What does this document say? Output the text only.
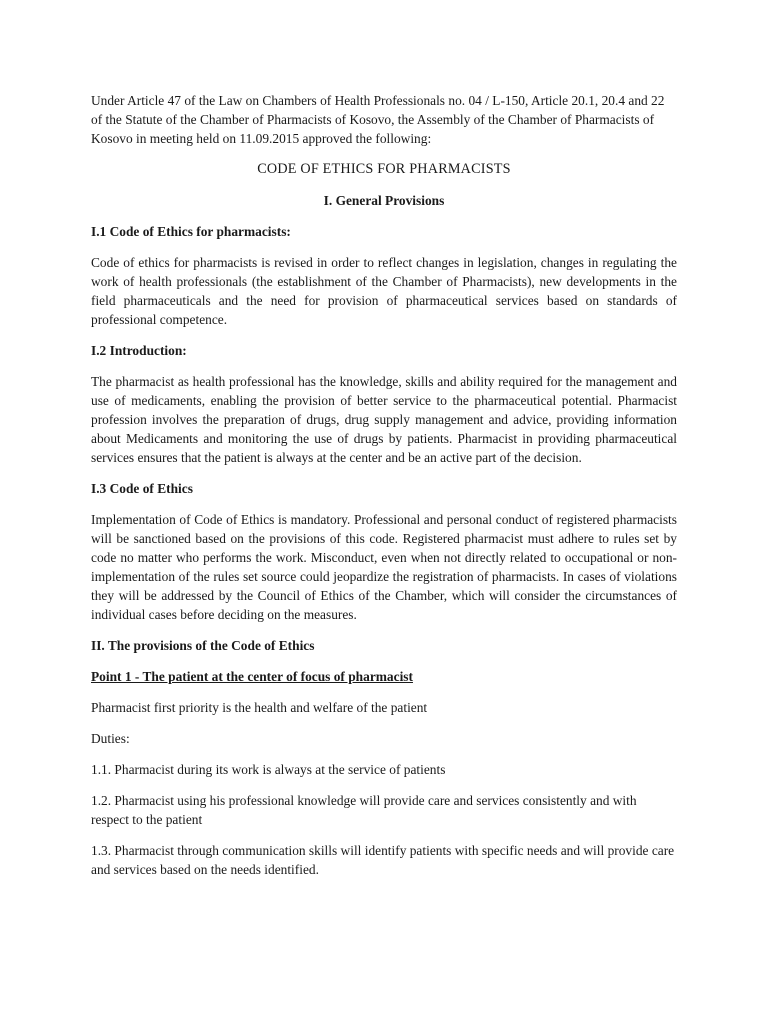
Under Article 47 of the Law on Chambers of Health Professionals no. 04 / L-150, Article 20.1, 20.4 and 22 of the Statute of the Chamber of Pharmacists of Kosovo, the Assembly of the Chamber of Pharmacists of Kosovo in meeting held on 11.09.2015 approved the following:

CODE OF ETHICS FOR PHARMACISTS

I. General Provisions

I.1 Code of Ethics for pharmacists:

Code of ethics for pharmacists is revised in order to reflect changes in legislation, changes in regulating the work of health professionals (the establishment of the Chamber of Pharmacists), new developments in the field pharmaceuticals and the need for provision of pharmaceutical services based on standards of professional competence.

I.2 Introduction:

The pharmacist as health professional has the knowledge, skills and ability required for the management and use of medicaments, enabling the provision of better service to the pharmaceutical potential. Pharmacist profession involves the preparation of drugs, drug supply management and advice, providing information about Medicaments and monitoring the use of drugs by patients. Pharmacist in providing pharmaceutical services ensures that the patient is always at the center and be an active part of the decision.

I.3 Code of Ethics

Implementation of Code of Ethics is mandatory. Professional and personal conduct of registered pharmacists will be sanctioned based on the provisions of this code. Registered pharmacist must adhere to rules set by code no matter who performs the work. Misconduct, even when not directly related to occupational or non-implementation of the rules set source could jeopardize the registration of pharmacists. In cases of violations they will be addressed by the Council of Ethics of the Chamber, which will consider the circumstances of individual cases before deciding on the measures.

II. The provisions of the Code of Ethics

Point 1 - The patient at the center of focus of pharmacist

Pharmacist first priority is the health and welfare of the patient

Duties:

1.1. Pharmacist during its work is always at the service of patients

1.2. Pharmacist using his professional knowledge will provide care and services consistently and with respect to the patient

1.3. Pharmacist through communication skills will identify patients with specific needs and will provide care and services based on the needs identified.
